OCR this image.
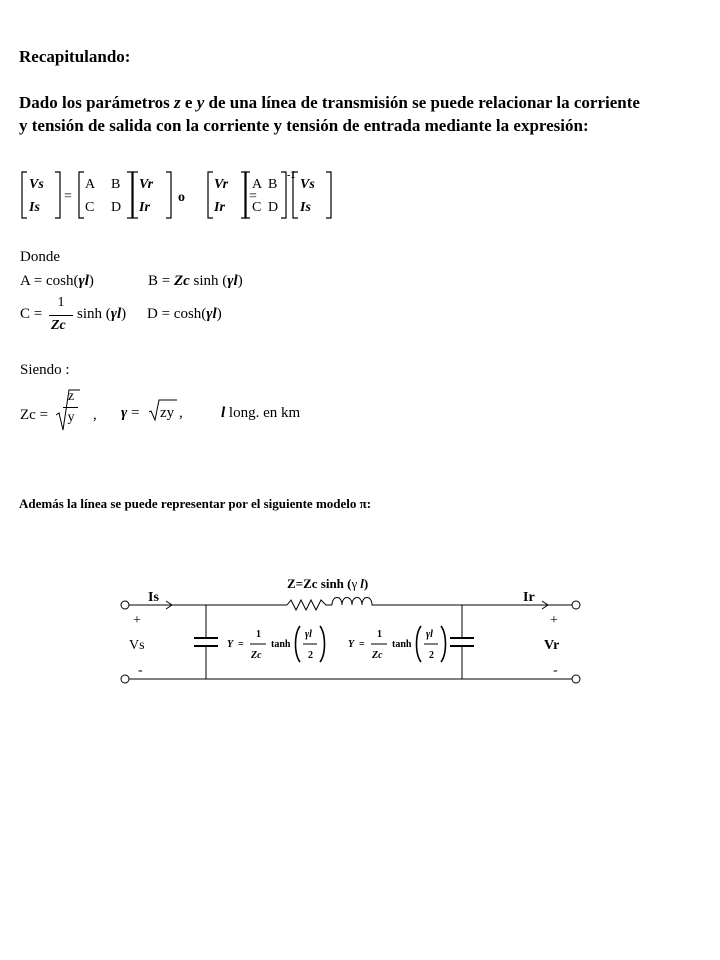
Recapitulando:
Dado los parámetros z e y de una línea de transmisión se puede relacionar la corriente
y tensión de salida con la corriente y tensión de entrada mediante la expresión:
Vs
Is
=
A B
C D
Vr
Ir
o
Vr
Ir
=
A B
C D
-1
Vs
Is
Donde
A = cosh(γl)	B = Zc sinh (γl)
C =
1
Zc
sinh (γl) D = cosh(γl)
Siendo :
Zc =
z
y , γ = zy ,	l long. en km
Además la línea se puede representar por el siguiente modelo π:
Is	Ir
+	+
Vs	Vr
-	-
Z=Zc sinh (γ l)
Y =
1
Zc
tanh
γl
2
Y =
1
Zc
tanh
γl
2
